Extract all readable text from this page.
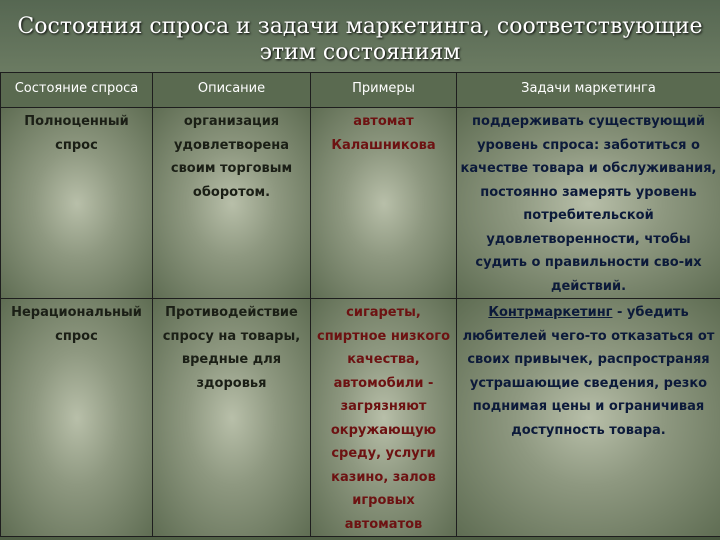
Состояния спроса и задачи маркетинга, соответствующие этим состояниям
Состояние спроса	Описание	Примеры	Задачи маркетинга
Полноценный спрос	организация удовлетворена своим торговым оборотом.	автомат Калашникова	поддерживать существующий уровень спроса: заботиться о качестве товара и обслуживания, постоянно замерять уровень потребительской удовлетворенности, чтобы судить о правильности сво-их действий.
Нерациональный спрос	Противодействие спросу на товары, вредные для здоровья	сигареты, спиртное низкого качества, автомобили - загрязняют окружающую среду, услуги казино, залов игровых автоматов	Контрмаркетинг - убедить любителей чего-то отказаться от своих привычек, распространяя устрашающие сведения, резко поднимая цены и ограничивая доступность товара.
